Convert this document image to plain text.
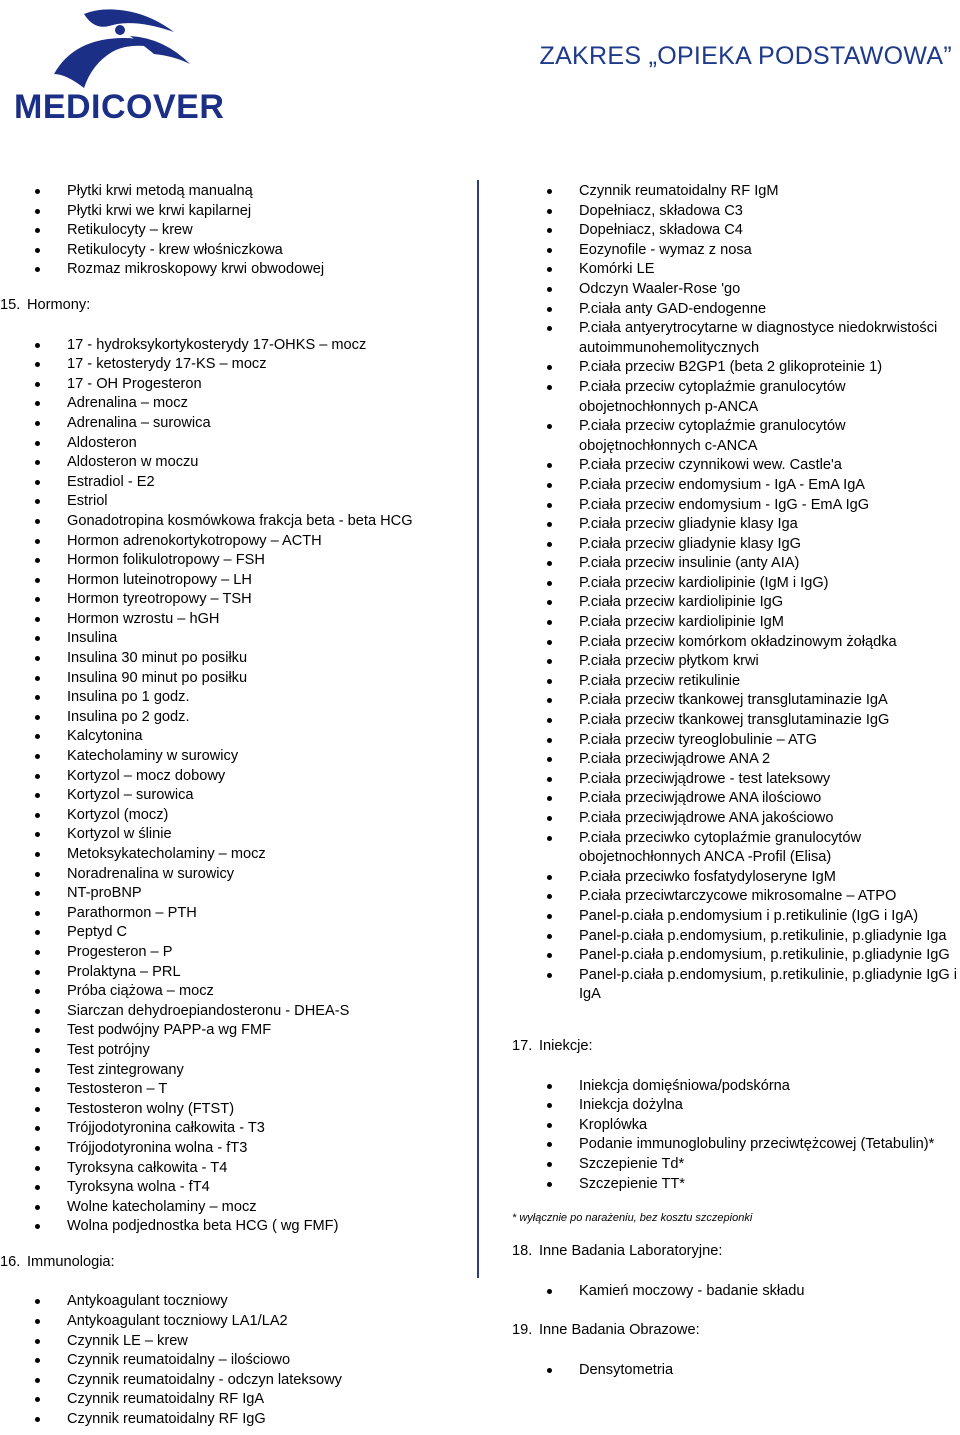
MEDICOVER
ZAKRES „OPIEKA PODSTAWOWA”
Płytki krwi metodą manualną
Płytki krwi we krwi kapilarnej
Retikulocyty – krew
Retikulocyty - krew włośniczkowa
Rozmaz mikroskopowy krwi obwodowej
15. Hormony:
17 - hydroksykortykosterydy 17-OHKS – mocz
17 - ketosterydy 17-KS – mocz
17 - OH Progesteron
Adrenalina – mocz
Adrenalina – surowica
Aldosteron
Aldosteron w moczu
Estradiol - E2
Estriol
Gonadotropina kosmówkowa frakcja beta - beta HCG
Hormon adrenokortykotropowy – ACTH
Hormon folikulotropowy – FSH
Hormon luteinotropowy – LH
Hormon tyreotropowy – TSH
Hormon wzrostu – hGH
Insulina
Insulina 30 minut po posiłku
Insulina 90 minut po posiłku
Insulina po 1 godz.
Insulina po 2 godz.
Kalcytonina
Katecholaminy w surowicy
Kortyzol – mocz dobowy
Kortyzol – surowica
Kortyzol (mocz)
Kortyzol w ślinie
Metoksykatecholaminy – mocz
Noradrenalina w surowicy
NT-proBNP
Parathormon – PTH
Peptyd C
Progesteron – P
Prolaktyna – PRL
Próba ciążowa – mocz
Siarczan dehydroepiandosteronu - DHEA-S
Test podwójny PAPP-a wg FMF
Test potrójny
Test zintegrowany
Testosteron – T
Testosteron wolny (FTST)
Trójjodotyronina całkowita - T3
Trójjodotyronina wolna - fT3
Tyroksyna całkowita - T4
Tyroksyna wolna - fT4
Wolne katecholaminy – mocz
Wolna podjednostka beta HCG ( wg FMF)
16. Immunologia:
Antykoagulant toczniowy
Antykoagulant toczniowy LA1/LA2
Czynnik LE – krew
Czynnik reumatoidalny – ilościowo
Czynnik reumatoidalny - odczyn lateksowy
Czynnik reumatoidalny RF IgA
Czynnik reumatoidalny RF IgG
Czynnik reumatoidalny RF IgM
Dopełniacz, składowa C3
Dopełniacz, składowa C4
Eozynofile - wymaz z nosa
Komórki LE
Odczyn Waaler-Rose 'go
P.ciała anty GAD-endogenne
P.ciała antyerytrocytarne w diagnostyce niedokrwistości autoimmunohemolitycznych
P.ciała przeciw B2GP1 (beta 2 glikoproteinie 1)
P.ciała przeciw cytoplaźmie granulocytów obojetnochłonnych p-ANCA
P.ciała przeciw cytoplaźmie granulocytów obojętnochłonnych c-ANCA
P.ciała przeciw czynnikowi wew. Castle'a
P.ciała przeciw endomysium - IgA - EmA IgA
P.ciała przeciw endomysium - IgG - EmA IgG
P.ciała przeciw gliadynie klasy Iga
P.ciała przeciw gliadynie klasy IgG
P.ciała przeciw insulinie (anty AIA)
P.ciała przeciw kardiolipinie (IgM i IgG)
P.ciała przeciw kardiolipinie IgG
P.ciała przeciw kardiolipinie IgM
P.ciała przeciw komórkom okładzinowym żołądka
P.ciała przeciw płytkom krwi
P.ciała przeciw retikulinie
P.ciała przeciw tkankowej transglutaminazie IgA
P.ciała przeciw tkankowej transglutaminazie IgG
P.ciała przeciw tyreoglobulinie – ATG
P.ciała przeciwjądrowe ANA 2
P.ciała przeciwjądrowe - test lateksowy
P.ciała przeciwjądrowe ANA ilościowo
P.ciała przeciwjądrowe ANA jakościowo
P.ciała przeciwko cytoplaźmie granulocytów obojetnochłonnych ANCA -Profil (Elisa)
P.ciała przeciwko fosfatydyloseryne IgM
P.ciała przeciwtarczycowe mikrosomalne – ATPO
Panel-p.ciała p.endomysium i p.retikulinie (IgG i IgA)
Panel-p.ciała p.endomysium, p.retikulinie, p.gliadynie Iga
Panel-p.ciała p.endomysium, p.retikulinie, p.gliadynie IgG
Panel-p.ciała p.endomysium, p.retikulinie, p.gliadynie IgG i IgA
17. Iniekcje:
Iniekcja domięśniowa/podskórna
Iniekcja dożylna
Kroplówka
Podanie immunoglobuliny przeciwtężcowej (Tetabulin)*
Szczepienie Td*
Szczepienie TT*
* wyłącznie po narażeniu, bez kosztu szczepionki
18. Inne Badania Laboratoryjne:
Kamień moczowy - badanie składu
19. Inne Badania Obrazowe:
Densytometria
